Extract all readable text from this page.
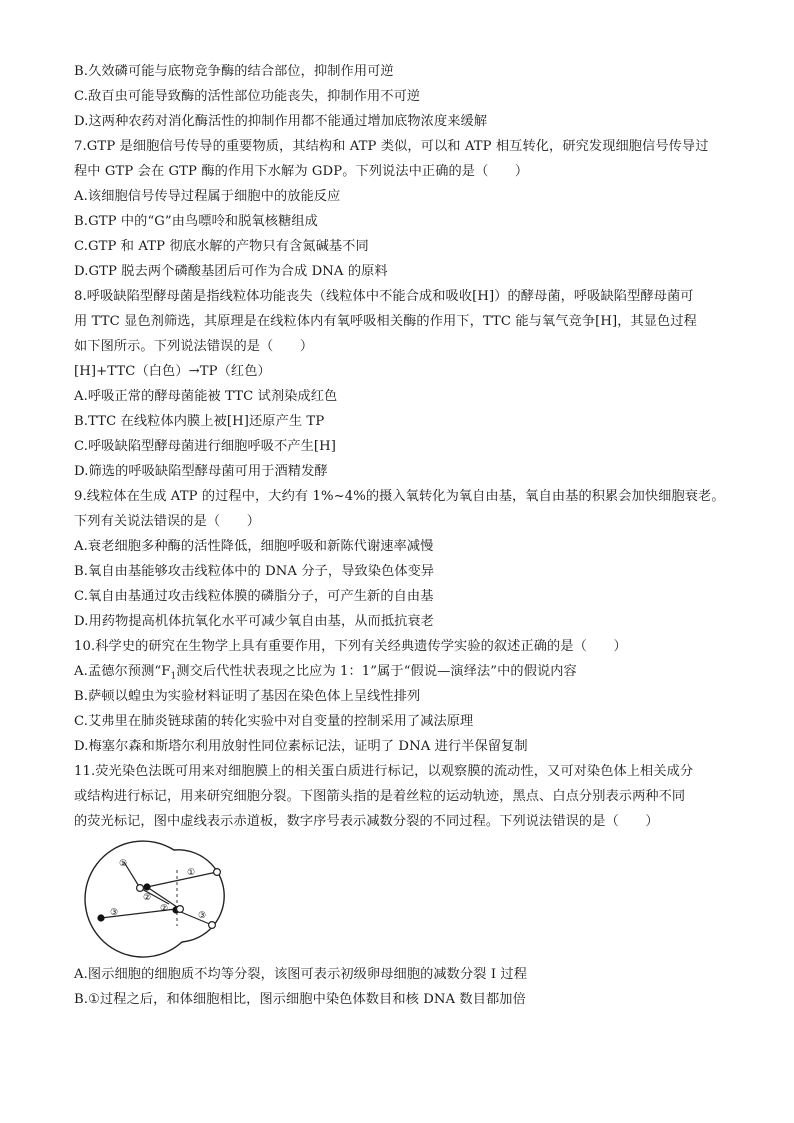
B.久效磷可能与底物竞争酶的结合部位，抑制作用可逆
C.敌百虫可能导致酶的活性部位功能丧失，抑制作用不可逆
D.这两种农药对消化酶活性的抑制作用都不能通过增加底物浓度来缓解
7.GTP 是细胞信号传导的重要物质，其结构和 ATP 类似，可以和 ATP 相互转化，研究发现细胞信号传导过
程中 GTP 会在 GTP 酶的作用下水解为 GDP。下列说法中正确的是（　　）
A.该细胞信号传导过程属于细胞中的放能反应
B.GTP 中的“G”由鸟嘌呤和脱氧核糖组成
C.GTP 和 ATP 彻底水解的产物只有含氮碱基不同
D.GTP 脱去两个磷酸基团后可作为合成 DNA 的原料
8.呼吸缺陷型酵母菌是指线粒体功能丧失（线粒体中不能合成和吸收[H]）的酵母菌，呼吸缺陷型酵母菌可
用 TTC 显色剂筛选，其原理是在线粒体内有氧呼吸相关酶的作用下，TTC 能与氧气竞争[H]，其显色过程
如下图所示。下列说法错误的是（　　）
[H]+TTC（白色）→TP（红色）
A.呼吸正常的酵母菌能被 TTC 试剂染成红色
B.TTC 在线粒体内膜上被[H]还原产生 TP
C.呼吸缺陷型酵母菌进行细胞呼吸不产生[H]
D.筛选的呼吸缺陷型酵母菌可用于酒精发酵
9.线粒体在生成 ATP 的过程中，大约有 1%~4%的摄入氧转化为氧自由基，氧自由基的积累会加快细胞衰老。
下列有关说法错误的是（　　）
A.衰老细胞多种酶的活性降低，细胞呼吸和新陈代谢速率减慢
B.氧自由基能够攻击线粒体中的 DNA 分子，导致染色体变异
C.氧自由基通过攻击线粒体膜的磷脂分子，可产生新的自由基
D.用药物提高机体抗氧化水平可减少氧自由基，从而抵抗衰老
10.科学史的研究在生物学上具有重要作用，下列有关经典遗传学实验的叙述正确的是（　　）
A.孟德尔预测“$F_1$测交后代性状表现之比应为 1：1”属于“假说—演绎法”中的假说内容
B.萨顿以蝗虫为实验材料证明了基因在染色体上呈线性排列
C.艾弗里在肺炎链球菌的转化实验中对自变量的控制采用了减法原理
D.梅塞尔森和斯塔尔利用放射性同位素标记法，证明了 DNA 进行半保留复制
11.荧光染色法既可用来对细胞膜上的相关蛋白质进行标记，以观察膜的流动性，又可对染色体上相关成分
或结构进行标记，用来研究细胞分裂。下图箭头指的是着丝粒的运动轨迹，黑点、白点分别表示两种不同
的荧光标记，图中虚线表示赤道板，数字序号表示减数分裂的不同过程。下列说法错误的是（　　）
①
①
②
②
③	③
A.图示细胞的细胞质不均等分裂，该图可表示初级卵母细胞的减数分裂 I 过程
B.①过程之后，和体细胞相比，图示细胞中染色体数目和核 DNA 数目都加倍
